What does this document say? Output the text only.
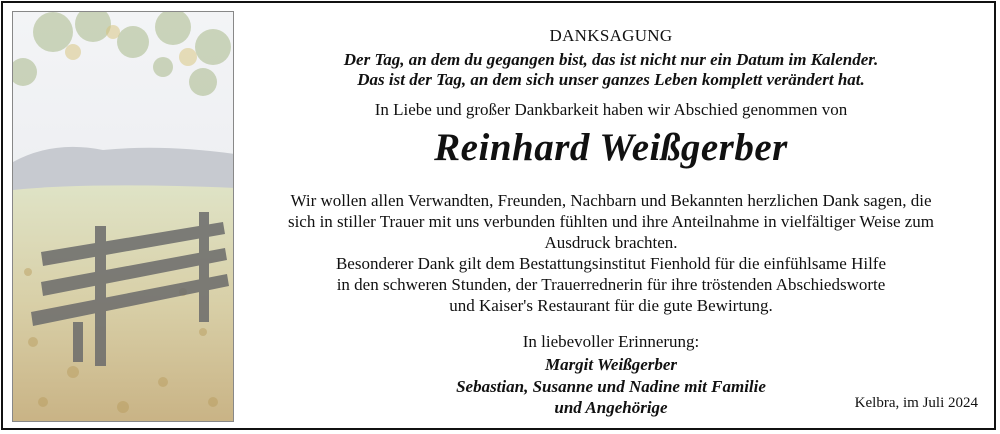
DANKSAGUNG
Der Tag, an dem du gegangen bist, das ist nicht nur ein Datum im Kalender.
Das ist der Tag, an dem sich unser ganzes Leben komplett verändert hat.
In Liebe und großer Dankbarkeit haben wir Abschied genommen von
Reinhard Weißgerber
Wir wollen allen Verwandten, Freunden, Nachbarn und Bekannten herzlichen Dank sagen, die
sich in stiller Trauer mit uns verbunden fühlten und ihre Anteilnahme in vielfältiger Weise zum
Ausdruck brachten.
Besonderer Dank gilt dem Bestattungsinstitut Fienhold für die einfühlsame Hilfe
in den schweren Stunden, der Trauerrednerin für ihre tröstenden Abschiedsworte
und Kaiser's Restaurant für die gute Bewirtung.
In liebevoller Erinnerung:
Margit Weißgerber
Sebastian, Susanne und Nadine mit Familie
und Angehörige	Kelbra, im Juli 2024
